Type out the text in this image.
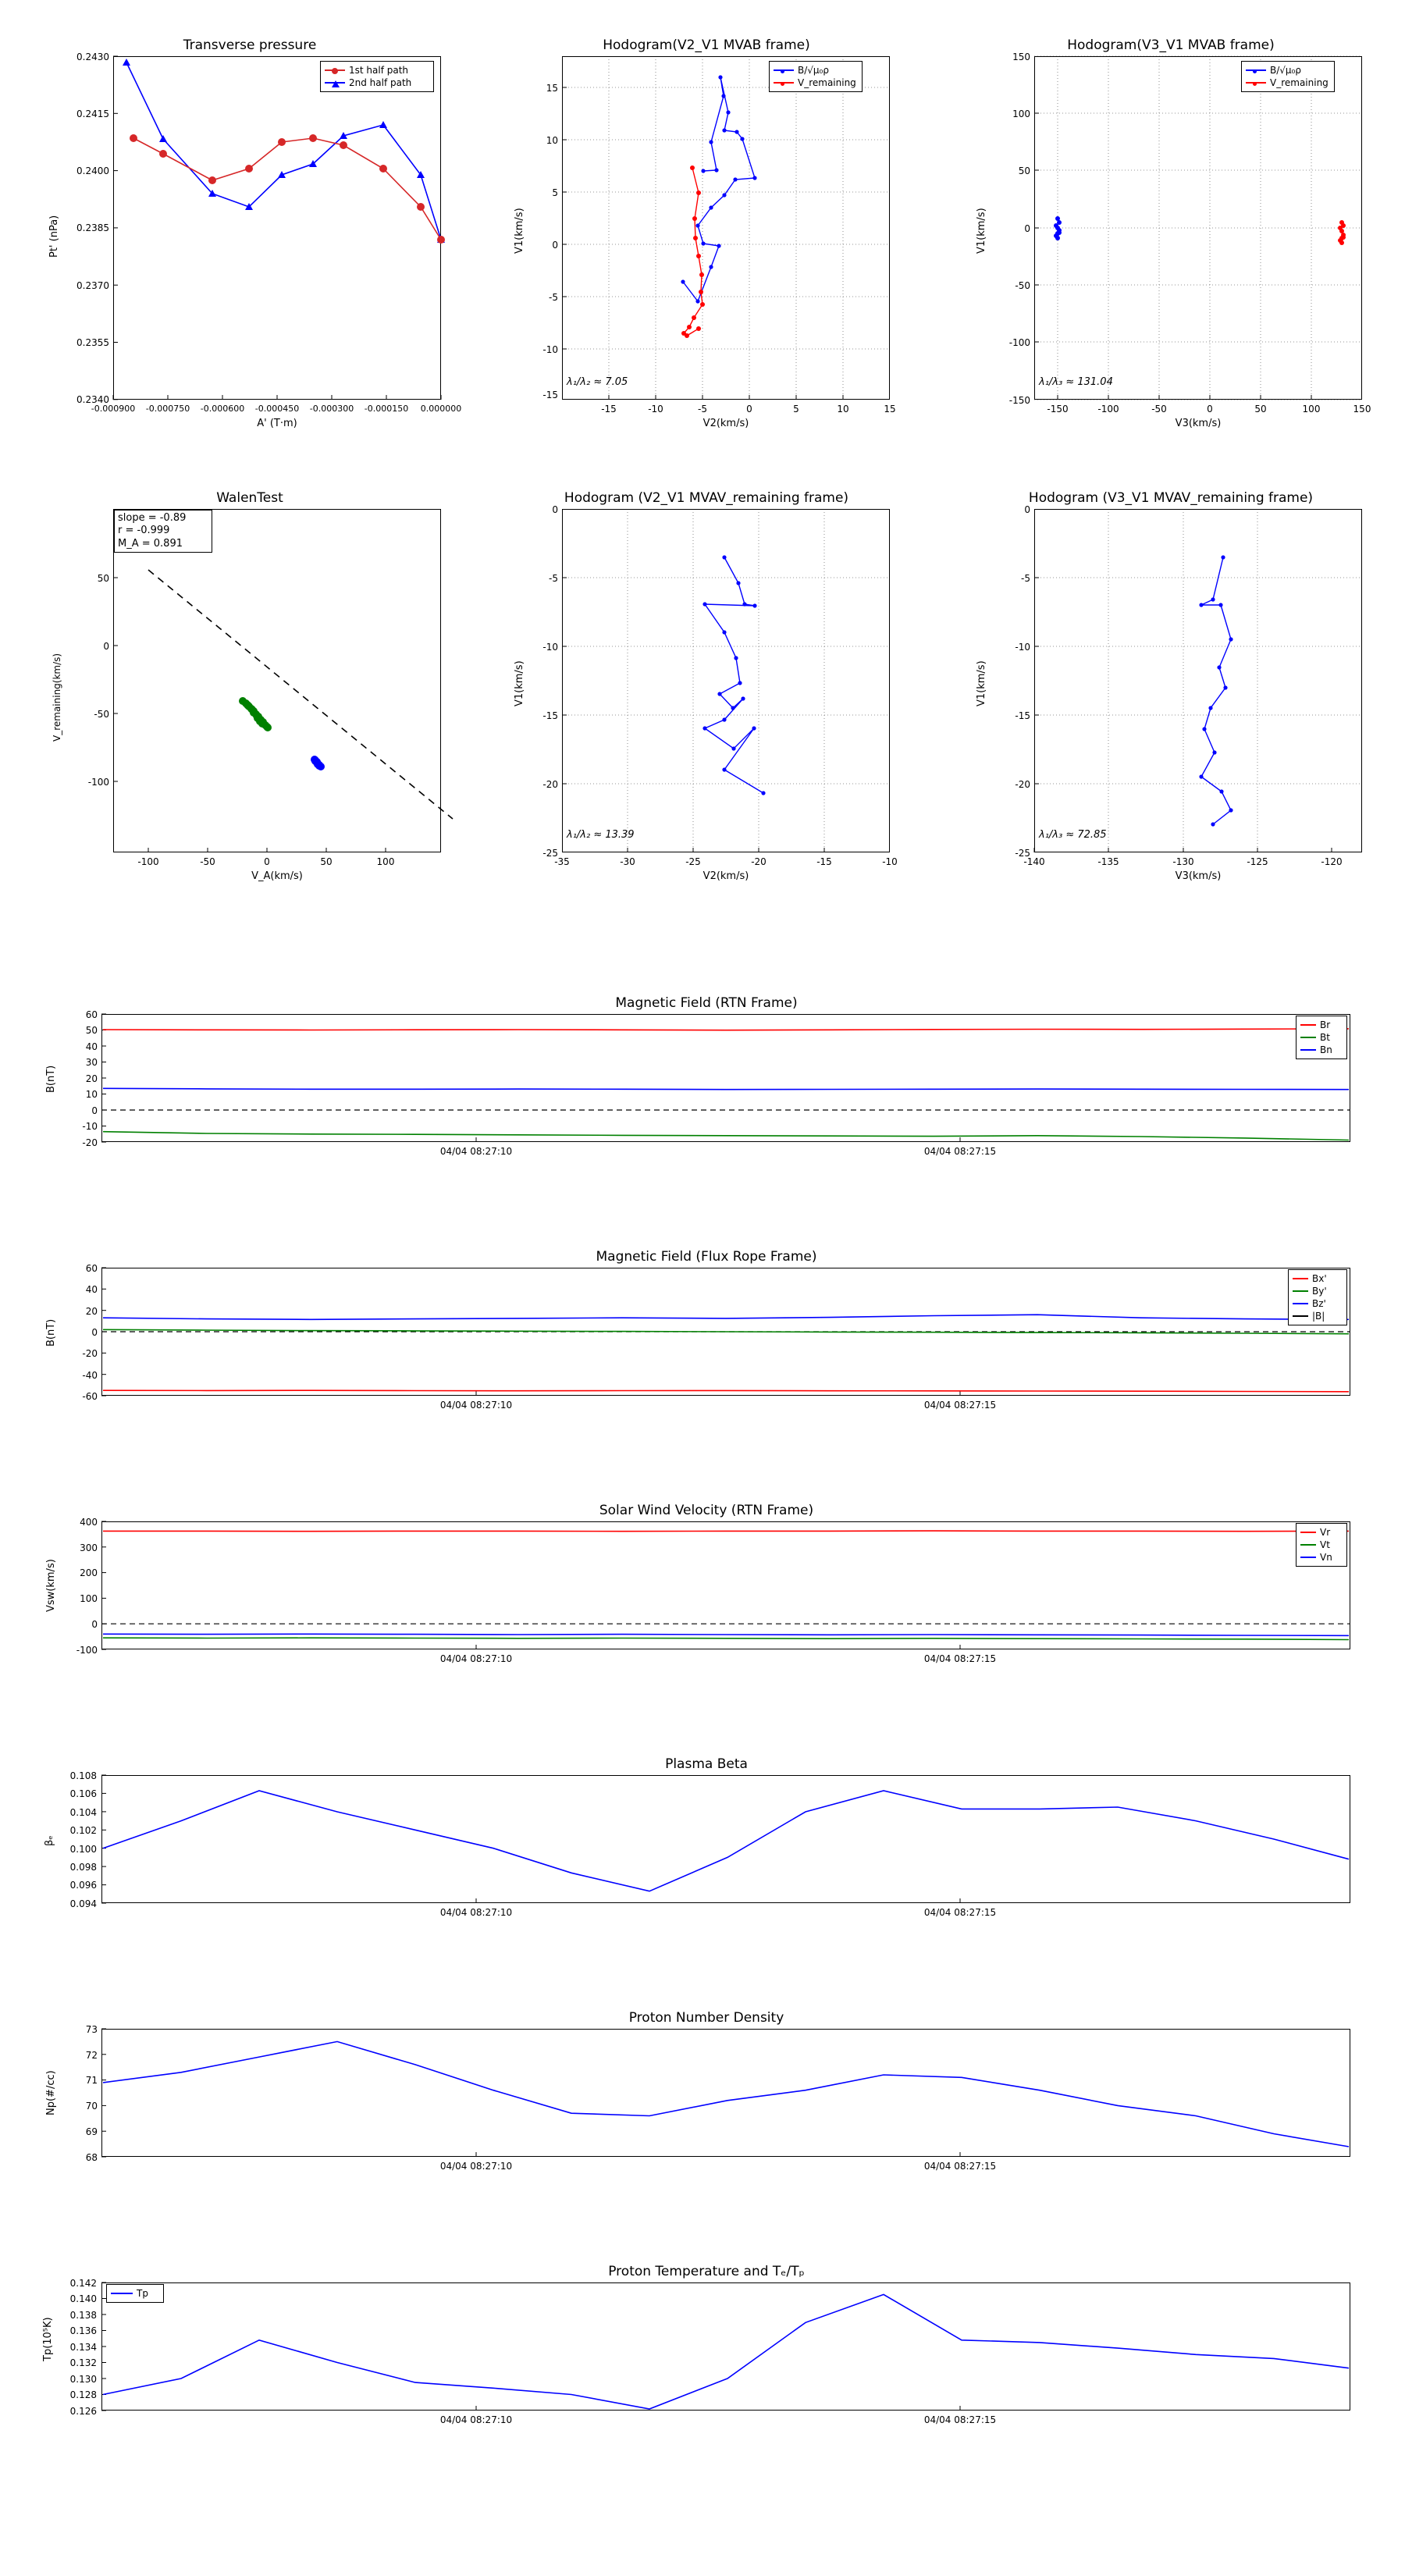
Transverse pressure
0.2340
0.2355
0.2370
0.2385
0.2400
0.2415
0.2430
-0.000900	-0.000750	-0.000600	-0.000450	-0.000300	-0.000150	0.000000
A' (T·m)
Pt' (nPa)
1st half path
2nd half path
Hodogram(V2_V1 MVAB frame)
15
10
5
0
-5
-10
-15
-15	-10	-5	0	5	10	15
V2(km/s)
V1(km/s)
λ₁/λ₂ ≈ 7.05
B/√μ₀ρ
V_remaining
Hodogram(V3_V1 MVAB frame)
150
100
50
0
-50
-100
-150
-150	-100	-50	0	50	100	150
V3(km/s)
V1(km/s)
λ₁/λ₃ ≈ 131.04
B/√μ₀ρ
V_remaining
WalenTest
50
0
-50
-100
-100	-50	0	50	100
V_A(km/s)
V_remaining(km/s)
slope = -0.89
r = -0.999
M_A = 0.891
Hodogram (V2_V1 MVAV_remaining frame)
0
-5
-10
-15
-20
-25
-35	-30	-25	-20	-15	-10
V2(km/s)
V1(km/s)
λ₁/λ₂ ≈ 13.39
Hodogram (V3_V1 MVAV_remaining frame)
0
-5
-10
-15
-20
-25
-140	-135	-130	-125	-120
V3(km/s)
V1(km/s)
λ₁/λ₃ ≈ 72.85
Magnetic Field (RTN Frame)
-20
-10
0
10
20
30
40
50
60
04/04 08:27:10	04/04 08:27:15
B(nT)
Br
Bt
Bn
Magnetic Field (Flux Rope Frame)
-60
-40
-20
0
20
40
60
04/04 08:27:10	04/04 08:27:15
B(nT)
Bx'
By'
Bz'
|B|
Solar Wind Velocity (RTN Frame)
-100
0
100
200
300
400
04/04 08:27:10	04/04 08:27:15
Vsw(km/s)
Vr
Vt
Vn
Plasma Beta
0.094
0.096
0.098
0.100
0.102
0.104
0.106
0.108
04/04 08:27:10	04/04 08:27:15
βₑ
Proton Number Density
68
69
70
71
72
73
04/04 08:27:10	04/04 08:27:15
Np(#/cc)
Proton Temperature and Tₑ/Tₚ
0.126
0.128
0.130
0.132
0.134
0.136
0.138
0.140
0.142
04/04 08:27:10	04/04 08:27:15
Tp(10⁵K)
Tp
